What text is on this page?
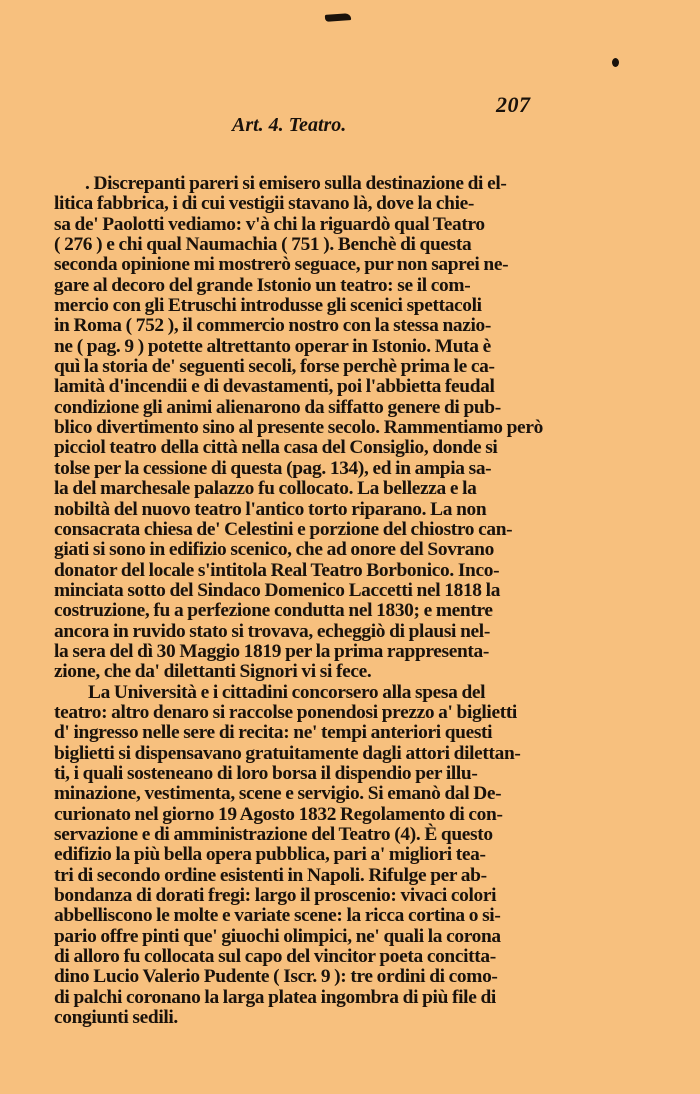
207
Art. 4. Teatro.
. Discrepanti pareri si emisero sulla destinazione di el-
litica fabbrica, i di cui vestigii stavano là, dove la chie-
sa de' Paolotti vediamo: v'à chi la riguardò qual Teatro
( 276 ) e chi qual Naumachia ( 751 ). Benchè di questa
seconda opinione mi mostrerò seguace, pur non saprei ne-
gare al decoro del grande Istonio un teatro: se il com-
mercio con gli Etruschi introdusse gli scenici spettacoli
in Roma ( 752 ), il commercio nostro con la stessa nazio-
ne ( pag. 9 ) potette altrettanto operar in Istonio. Muta è
quì la storia de' seguenti secoli, forse perchè prima le ca-
lamità d'incendii e di devastamenti, poi l'abbietta feudal
condizione gli animi alienarono da siffatto genere di pub-
blico divertimento sino al presente secolo. Rammentiamo però
picciol teatro della città nella casa del Consiglio, donde si
tolse per la cessione di questa (pag. 134), ed in ampia sa-
la del marchesale palazzo fu collocato. La bellezza e la
nobiltà del nuovo teatro l'antico torto riparano. La non
consacrata chiesa de' Celestini e porzione del chiostro can-
giati si sono in edifizio scenico, che ad onore del Sovrano
donator del locale s'intitola Real Teatro Borbonico. Inco-
minciata sotto del Sindaco Domenico Laccetti nel 1818 la
costruzione, fu a perfezione condutta nel 1830; e mentre
ancora in ruvido stato si trovava, echeggiò di plausi nel-
la sera del dì 30 Maggio 1819 per la prima rappresenta-
zione, che da' dilettanti Signori vi si fece.
La Università e i cittadini concorsero alla spesa del
teatro: altro denaro si raccolse ponendosi prezzo a' biglietti
d' ingresso nelle sere di recita: ne' tempi anteriori questi
biglietti si dispensavano gratuitamente dagli attori dilettan-
ti, i quali sosteneano di loro borsa il dispendio per illu-
minazione, vestimenta, scene e servigio. Si emanò dal De-
curionato nel giorno 19 Agosto 1832 Regolamento di con-
servazione e di amministrazione del Teatro (4). È questo
edifizio la più bella opera pubblica, pari a' migliori tea-
tri di secondo ordine esistenti in Napoli. Rifulge per ab-
bondanza di dorati fregi: largo il proscenio: vivaci colori
abbelliscono le molte e variate scene: la ricca cortina o si-
pario offre pinti que' giuochi olimpici, ne' quali la corona
di alloro fu collocata sul capo del vincitor poeta concitta-
dino Lucio Valerio Pudente ( Iscr. 9 ): tre ordini di como-
di palchi coronano la larga platea ingombra di più file di
congiunti sedili.
